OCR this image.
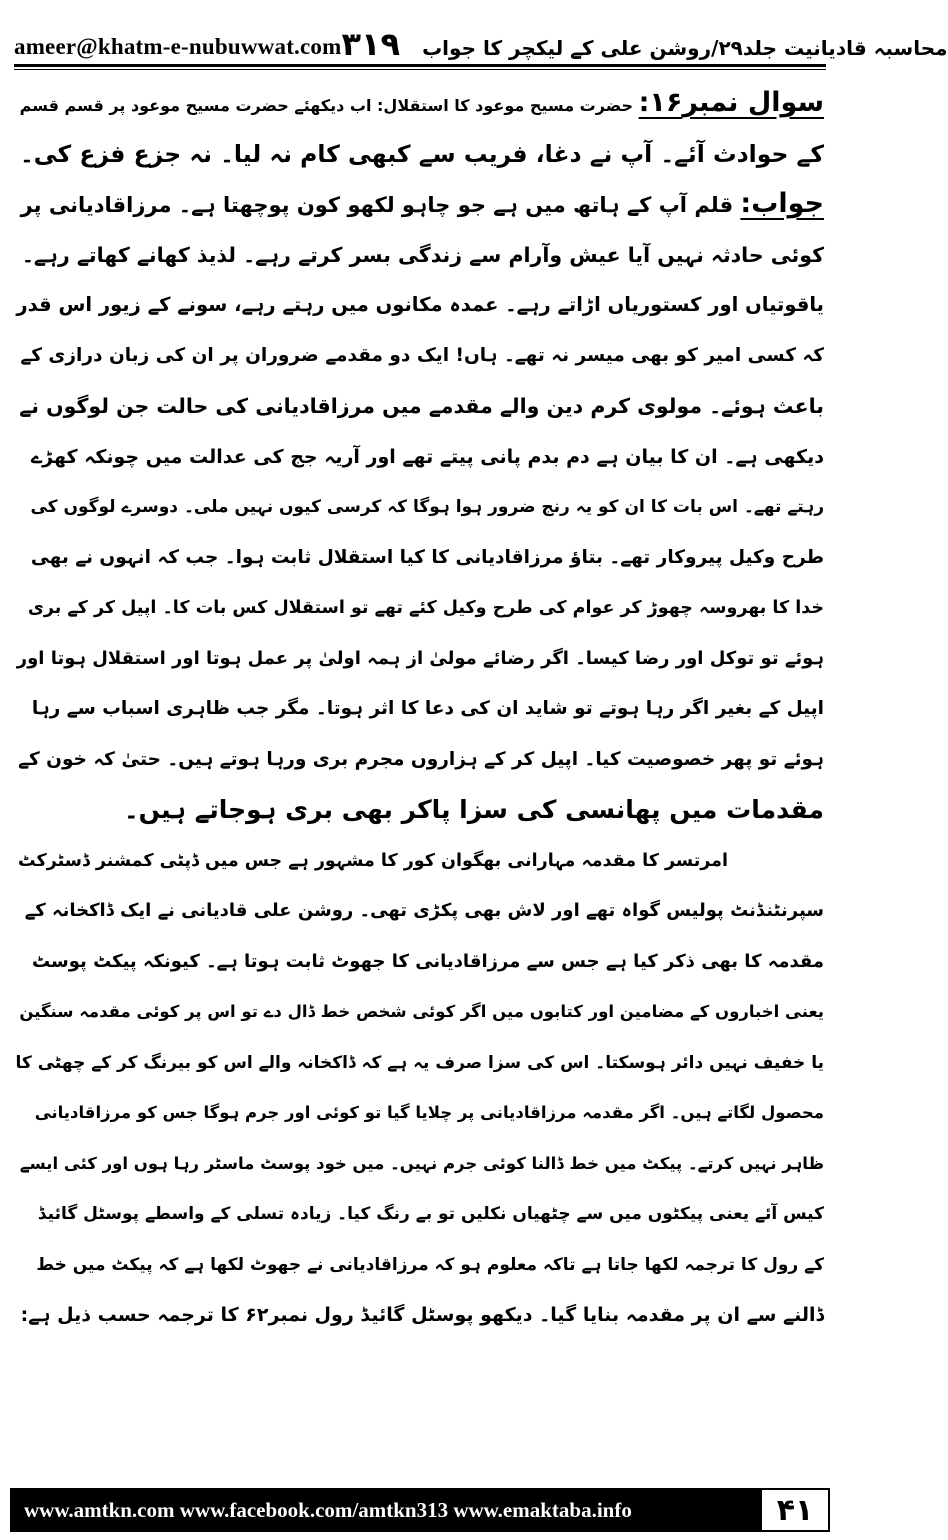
ameer@khatm-e-nubuwwat.com	محاسبہ قادیانیت جلد۲۹/روشن علی کے لیکچر کا جواب
۳۱۹
سوال نمبر۱۶: حضرت مسیح موعود کا استقلال: اب دیکھئے حضرت مسیح موعود پر قسم قسم
کے حوادث آئے۔ آپ نے دغا، فریب سے کبھی کام نہ لیا۔ نہ جزع فزع کی۔
جواب: قلم آپ کے ہاتھ میں ہے جو چاہو لکھو کون پوچھتا ہے۔ مرزاقادیانی پر
کوئی حادثہ نہیں آیا عیش وآرام سے زندگی بسر کرتے رہے۔ لذیذ کھانے کھاتے رہے۔
یاقوتیاں اور کستوریاں اڑاتے رہے۔ عمدہ مکانوں میں رہتے رہے، سونے کے زیور اس قدر
کہ کسی امیر کو بھی میسر نہ تھے۔ ہاں! ایک دو مقدمے ضروران پر ان کی زبان درازی کے
باعث ہوئے۔ مولوی کرم دین والے مقدمے میں مرزاقادیانی کی حالت جن لوگوں نے
دیکھی ہے۔ ان کا بیان ہے دم بدم پانی پیتے تھے اور آریہ جج کی عدالت میں چونکہ کھڑے
رہتے تھے۔ اس بات کا ان کو یہ رنج ضرور ہوا ہوگا کہ کرسی کیوں نہیں ملی۔ دوسرے لوگوں کی
طرح وکیل پیروکار تھے۔ بتاؤ مرزاقادیانی کا کیا استقلال ثابت ہوا۔ جب کہ انہوں نے بھی
خدا کا بھروسہ چھوڑ کر عوام کی طرح وکیل کئے تھے تو استقلال کس بات کا۔ اپیل کر کے بری
ہوئے تو توکل اور رضا کیسا۔ اگر رضائے مولیٰ از ہمہ اولیٰ پر عمل ہوتا اور استقلال ہوتا اور
اپیل کے بغیر اگر رہا ہوتے تو شاید ان کی دعا کا اثر ہوتا۔ مگر جب ظاہری اسباب سے رہا
ہوئے تو پھر خصوصیت کیا۔ اپیل کر کے ہزاروں مجرم بری ورہا ہوتے ہیں۔ حتیٰ کہ خون کے
مقدمات میں پھانسی کی سزا پاکر بھی بری ہوجاتے ہیں۔
امرتسر کا مقدمہ مہارانی بھگوان کور کا مشہور ہے جس میں ڈپٹی کمشنر ڈسٹرکٹ
سپرنٹنڈنٹ پولیس گواہ تھے اور لاش بھی پکڑی تھی۔ روشن علی قادیانی نے ایک ڈاکخانہ کے
مقدمہ کا بھی ذکر کیا ہے جس سے مرزاقادیانی کا جھوٹ ثابت ہوتا ہے۔ کیونکہ پیکٹ پوسٹ
یعنی اخباروں کے مضامین اور کتابوں میں اگر کوئی شخص خط ڈال دے تو اس پر کوئی مقدمہ سنگین
یا خفیف نہیں دائر ہوسکتا۔ اس کی سزا صرف یہ ہے کہ ڈاکخانہ والے اس کو بیرنگ کر کے چھٹی کا
محصول لگاتے ہیں۔ اگر مقدمہ مرزاقادیانی پر چلایا گیا تو کوئی اور جرم ہوگا جس کو مرزاقادیانی
ظاہر نہیں کرتے۔ پیکٹ میں خط ڈالنا کوئی جرم نہیں۔ میں خود پوسٹ ماسٹر رہا ہوں اور کئی ایسے
کیس آئے یعنی پیکٹوں میں سے چٹھیاں نکلیں تو بے رنگ کیا۔ زیادہ تسلی کے واسطے پوسٹل گائیڈ
کے رول کا ترجمہ لکھا جاتا ہے تاکہ معلوم ہو کہ مرزاقادیانی نے جھوٹ لکھا ہے کہ پیکٹ میں خط
ڈالنے سے ان پر مقدمہ بنایا گیا۔ دیکھو پوسٹل گائیڈ رول نمبر۶۲ کا ترجمہ حسب ذیل ہے:
www.amtkn.com www.facebook.com/amtkn313 www.emaktaba.info	۴۱
